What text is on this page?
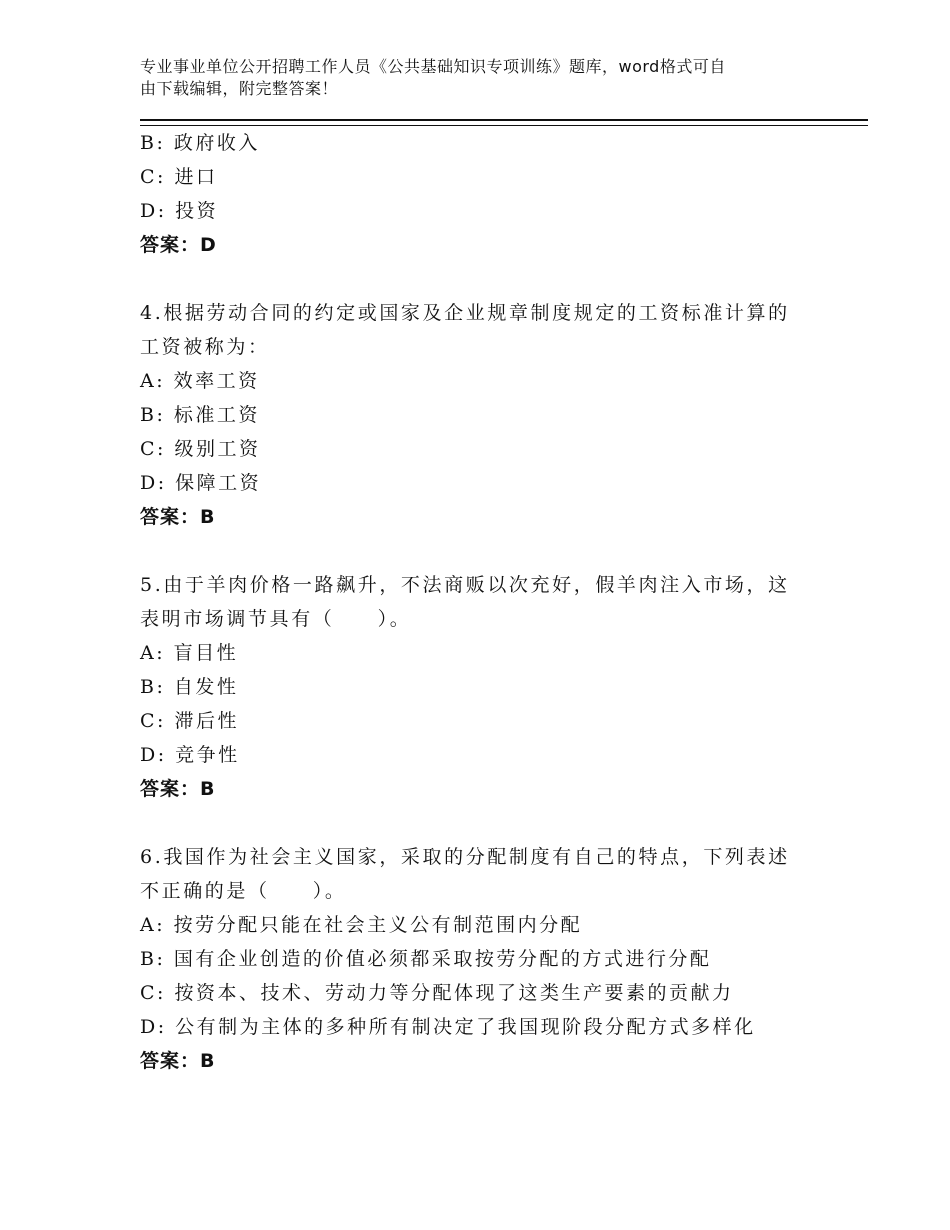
专业事业单位公开招聘工作人员《公共基础知识专项训练》题库，word格式可自
由下载编辑，附完整答案！
B: 政府收入
C: 进口
D: 投资
答案：D
4.根据劳动合同的约定或国家及企业规章制度规定的工资标准计算的
工资被称为：
A: 效率工资
B: 标准工资
C: 级别工资
D: 保障工资
答案：B
5.由于羊肉价格一路飙升，不法商贩以次充好，假羊肉注入市场，这
表明市场调节具有（　　）。
A: 盲目性
B: 自发性
C: 滞后性
D: 竞争性
答案：B
6.我国作为社会主义国家，采取的分配制度有自己的特点，下列表述
不正确的是（　　）。
A: 按劳分配只能在社会主义公有制范围内分配
B: 国有企业创造的价值必须都采取按劳分配的方式进行分配
C: 按资本、技术、劳动力等分配体现了这类生产要素的贡献力
D: 公有制为主体的多种所有制决定了我国现阶段分配方式多样化
答案：B
